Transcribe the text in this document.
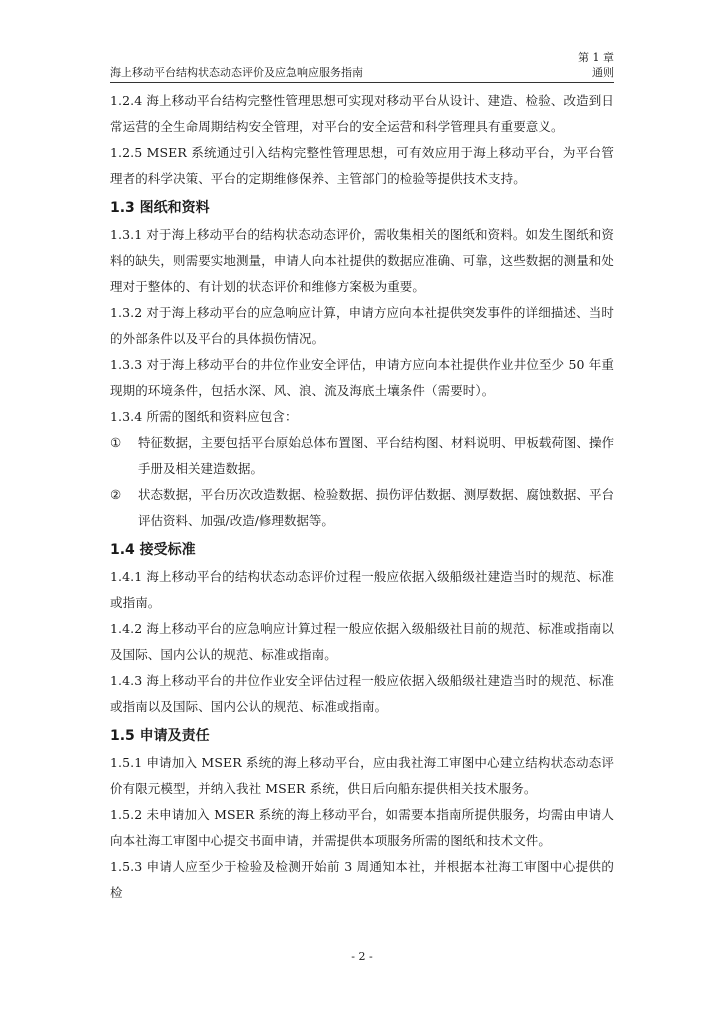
第 1 章
通则
海上移动平台结构状态动态评价及应急响应服务指南

1.2.4 海上移动平台结构完整性管理思想可实现对移动平台从设计、建造、检验、改造到日常运营的全生命周期结构安全管理，对平台的安全运营和科学管理具有重要意义。

1.2.5 MSER 系统通过引入结构完整性管理思想，可有效应用于海上移动平台，为平台管理者的科学决策、平台的定期维修保养、主管部门的检验等提供技术支持。

1.3 图纸和资料

1.3.1 对于海上移动平台的结构状态动态评价，需收集相关的图纸和资料。如发生图纸和资料的缺失，则需要实地测量，申请人向本社提供的数据应准确、可靠，这些数据的测量和处理对于整体的、有计划的状态评价和维修方案极为重要。

1.3.2 对于海上移动平台的应急响应计算，申请方应向本社提供突发事件的详细描述、当时的外部条件以及平台的具体损伤情况。

1.3.3 对于海上移动平台的井位作业安全评估，申请方应向本社提供作业井位至少 50 年重现期的环境条件，包括水深、风、浪、流及海底土壤条件（需要时）。

1.3.4 所需的图纸和资料应包含：

①	特征数据，主要包括平台原始总体布置图、平台结构图、材料说明、甲板载荷图、操作手册及相关建造数据。
②	状态数据，平台历次改造数据、检验数据、损伤评估数据、测厚数据、腐蚀数据、平台评估资料、加强/改造/修理数据等。
1.4 接受标准

1.4.1 海上移动平台的结构状态动态评价过程一般应依据入级船级社建造当时的规范、标准或指南。

1.4.2 海上移动平台的应急响应计算过程一般应依据入级船级社目前的规范、标准或指南以及国际、国内公认的规范、标准或指南。

1.4.3 海上移动平台的井位作业安全评估过程一般应依据入级船级社建造当时的规范、标准或指南以及国际、国内公认的规范、标准或指南。

1.5 申请及责任

1.5.1 申请加入 MSER 系统的海上移动平台，应由我社海工审图中心建立结构状态动态评价有限元模型，并纳入我社 MSER 系统，供日后向船东提供相关技术服务。

1.5.2 未申请加入 MSER 系统的海上移动平台，如需要本指南所提供服务，均需由申请人向本社海工审图中心提交书面申请，并需提供本项服务所需的图纸和技术文件。

1.5.3 申请人应至少于检验及检测开始前 3 周通知本社，并根据本社海工审图中心提供的检

- 2 -
